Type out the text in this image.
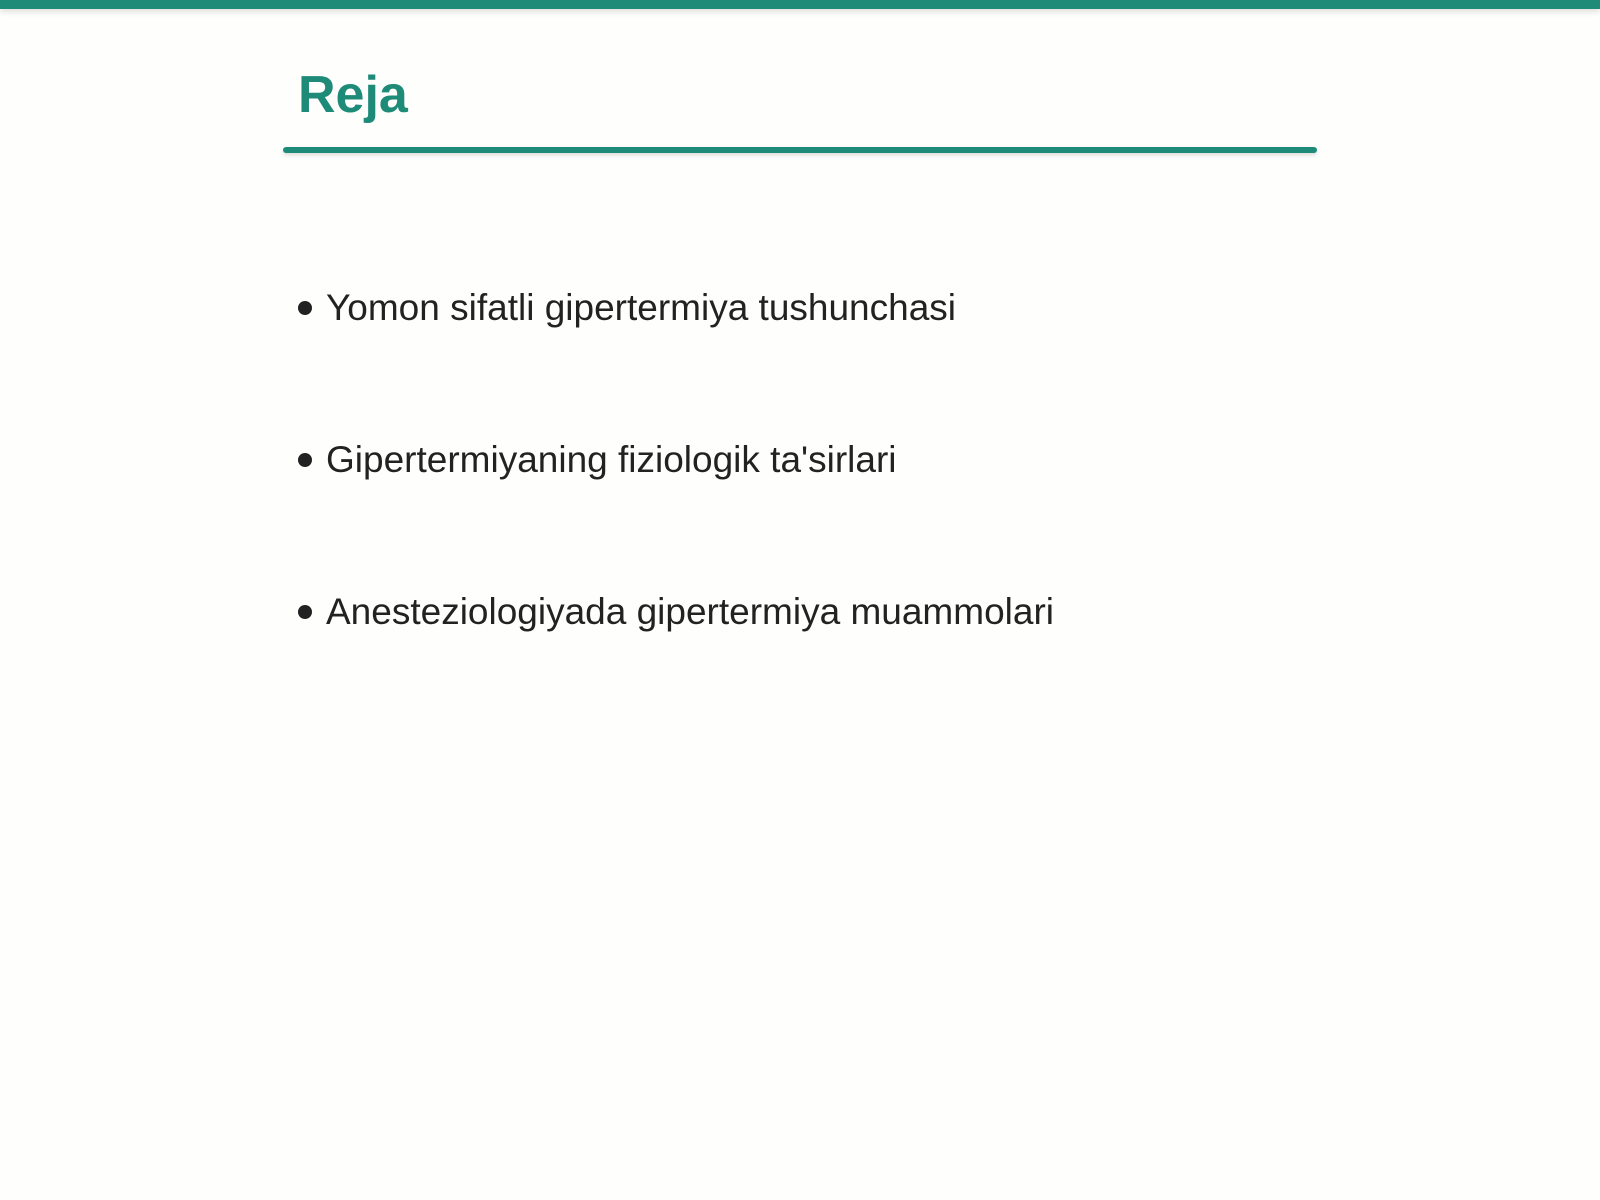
Reja
Yomon sifatli gipertermiya tushunchasi
Gipertermiyaning fiziologik ta'sirlari
Anesteziologiyada gipertermiya muammolari
